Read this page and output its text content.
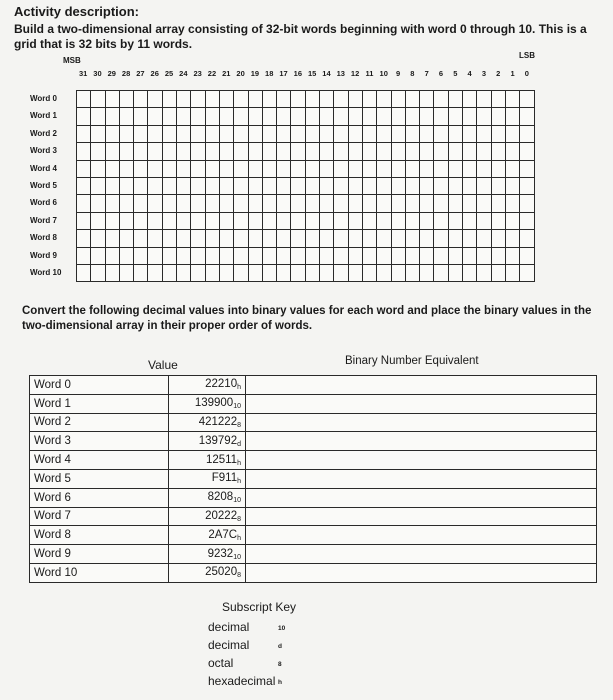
Activity description:
Build a two-dimensional array consisting of 32-bit words beginning with word 0 through 10. This is a grid that is 32 bits by 11 words.
MSB
LSB
31 30 29 28 27 26 25 24 23 22 21 20 19 18 17 16 15 14 13 12 11 10	9	8	7	6	5	4	3	2	1	0
Word 0
Word 1
Word 2
Word 3
Word 4
Word 5
Word 6
Word 7
Word 8
Word 9
Word 10

Convert the following decimal values into binary values for each word and place the binary values in the two-dimensional array in their proper order of words.
Value	Binary Number Equivalent
Word 0	$22210_h$	
Word 1	$139900_{10}$	
Word 2	$421222_8$	
Word 3	$139792_d$	
Word 4	$12511_h$	
Word 5	$F911_h$	
Word 6	$8208_{10}$	
Word 7	$20222_8$	
Word 8	$2A7C_h$	
Word 9	$9232_{10}$	
Word 10	$25020_8$	
Subscript Key
decimal	10
decimal	d
octal	8
hexadecimal h
